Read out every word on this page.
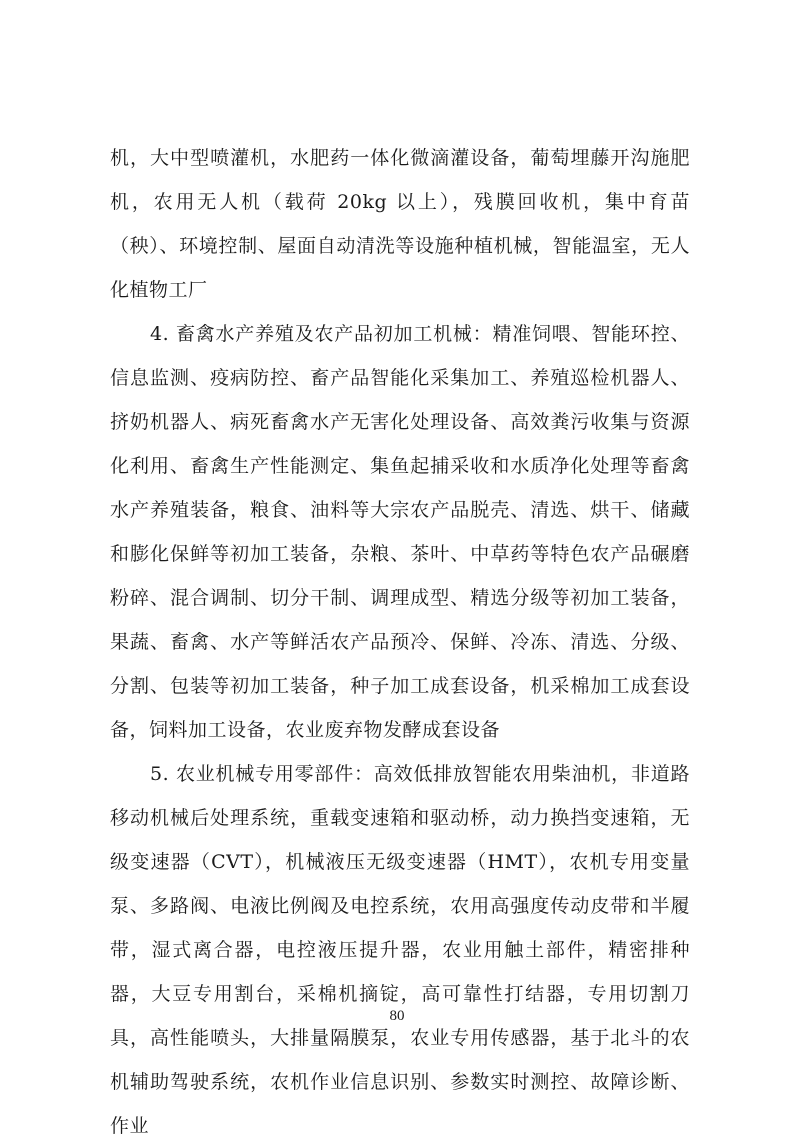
机，大中型喷灌机，水肥药一体化微滴灌设备，葡萄埋藤开沟施肥机，农用无人机（载荷 20kg 以上），残膜回收机，集中育苗（秧）、环境控制、屋面自动清洗等设施种植机械，智能温室，无人化植物工厂

4. 畜禽水产养殖及农产品初加工机械：精准饲喂、智能环控、信息监测、疫病防控、畜产品智能化采集加工、养殖巡检机器人、挤奶机器人、病死畜禽水产无害化处理设备、高效粪污收集与资源化利用、畜禽生产性能测定、集鱼起捕采收和水质净化处理等畜禽水产养殖装备，粮食、油料等大宗农产品脱壳、清选、烘干、储藏和膨化保鲜等初加工装备，杂粮、茶叶、中草药等特色农产品碾磨粉碎、混合调制、切分干制、调理成型、精选分级等初加工装备，果蔬、畜禽、水产等鲜活农产品预冷、保鲜、冷冻、清选、分级、分割、包装等初加工装备，种子加工成套设备，机采棉加工成套设备，饲料加工设备，农业废弃物发酵成套设备

5. 农业机械专用零部件：高效低排放智能农用柴油机，非道路移动机械后处理系统，重载变速箱和驱动桥，动力换挡变速箱，无级变速器（CVT），机械液压无级变速器（HMT），农机专用变量泵、多路阀、电液比例阀及电控系统，农用高强度传动皮带和半履带，湿式离合器，电控液压提升器，农业用触土部件，精密排种器，大豆专用割台，采棉机摘锭，高可靠性打结器，专用切割刀具，高性能喷头，大排量隔膜泵，农业专用传感器，基于北斗的农机辅助驾驶系统，农机作业信息识别、参数实时测控、故障诊断、作业

80
